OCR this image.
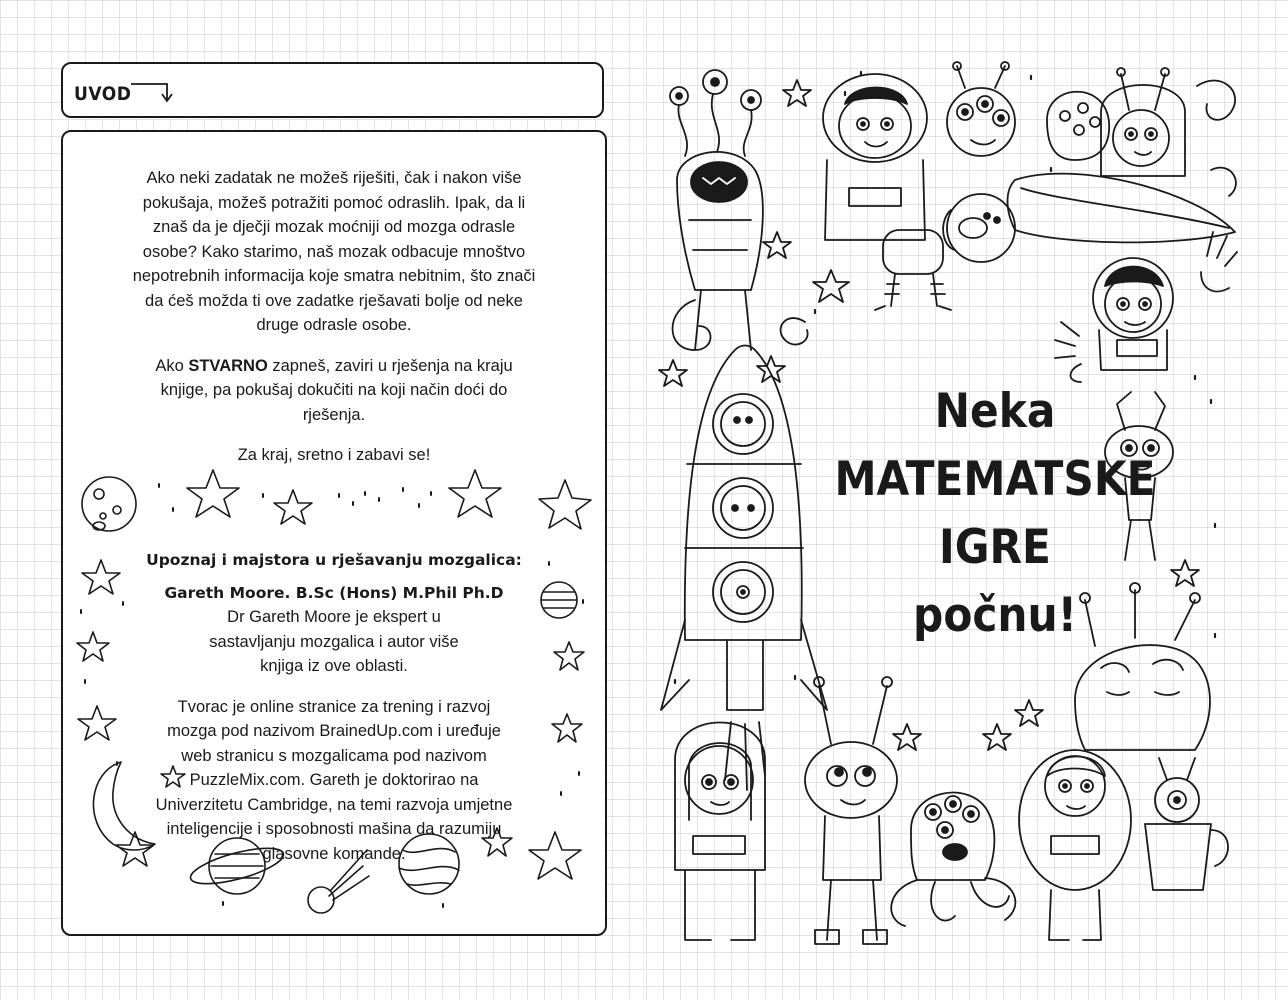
UVOD

Ako neki zadatak ne možeš riješiti, čak i nakon više pokušaja, možeš potražiti pomoć odraslih. Ipak, da li znaš da je dječji mozak moćniji od mozga odrasle osobe? Kako starimo, naš mozak odbacuje mnoštvo nepotrebnih informacija koje smatra nebitnim, što znači da ćeš možda ti ove zadatke rješavati bolje od neke druge odrasle osobe.

Ako STVARNO zapneš, zaviri u rješenja na kraju knjige, pa pokušaj dokučiti na koji način doći do rješenja.

Za kraj, sretno i zabavi se!

Upoznaj i majstora u rješavanju mozgalica:

Gareth Moore. B.Sc (Hons) M.Phil Ph.D

Dr Gareth Moore je ekspert u sastavljanju mozgalica i autor više knjiga iz ove oblasti.

Tvorac je online stranice za trening i razvoj mozga pod nazivom BrainedUp.com i uređuje web stranicu s mozgalicama pod nazivom PuzzleMix.com. Gareth je doktorirao na Univerzitetu Cambridge, na temi razvoja umjetne inteligencije i sposobnosti mašina da razumiju glasovne komande.

Neka
MATEMATSKE
IGRE
počnu!
